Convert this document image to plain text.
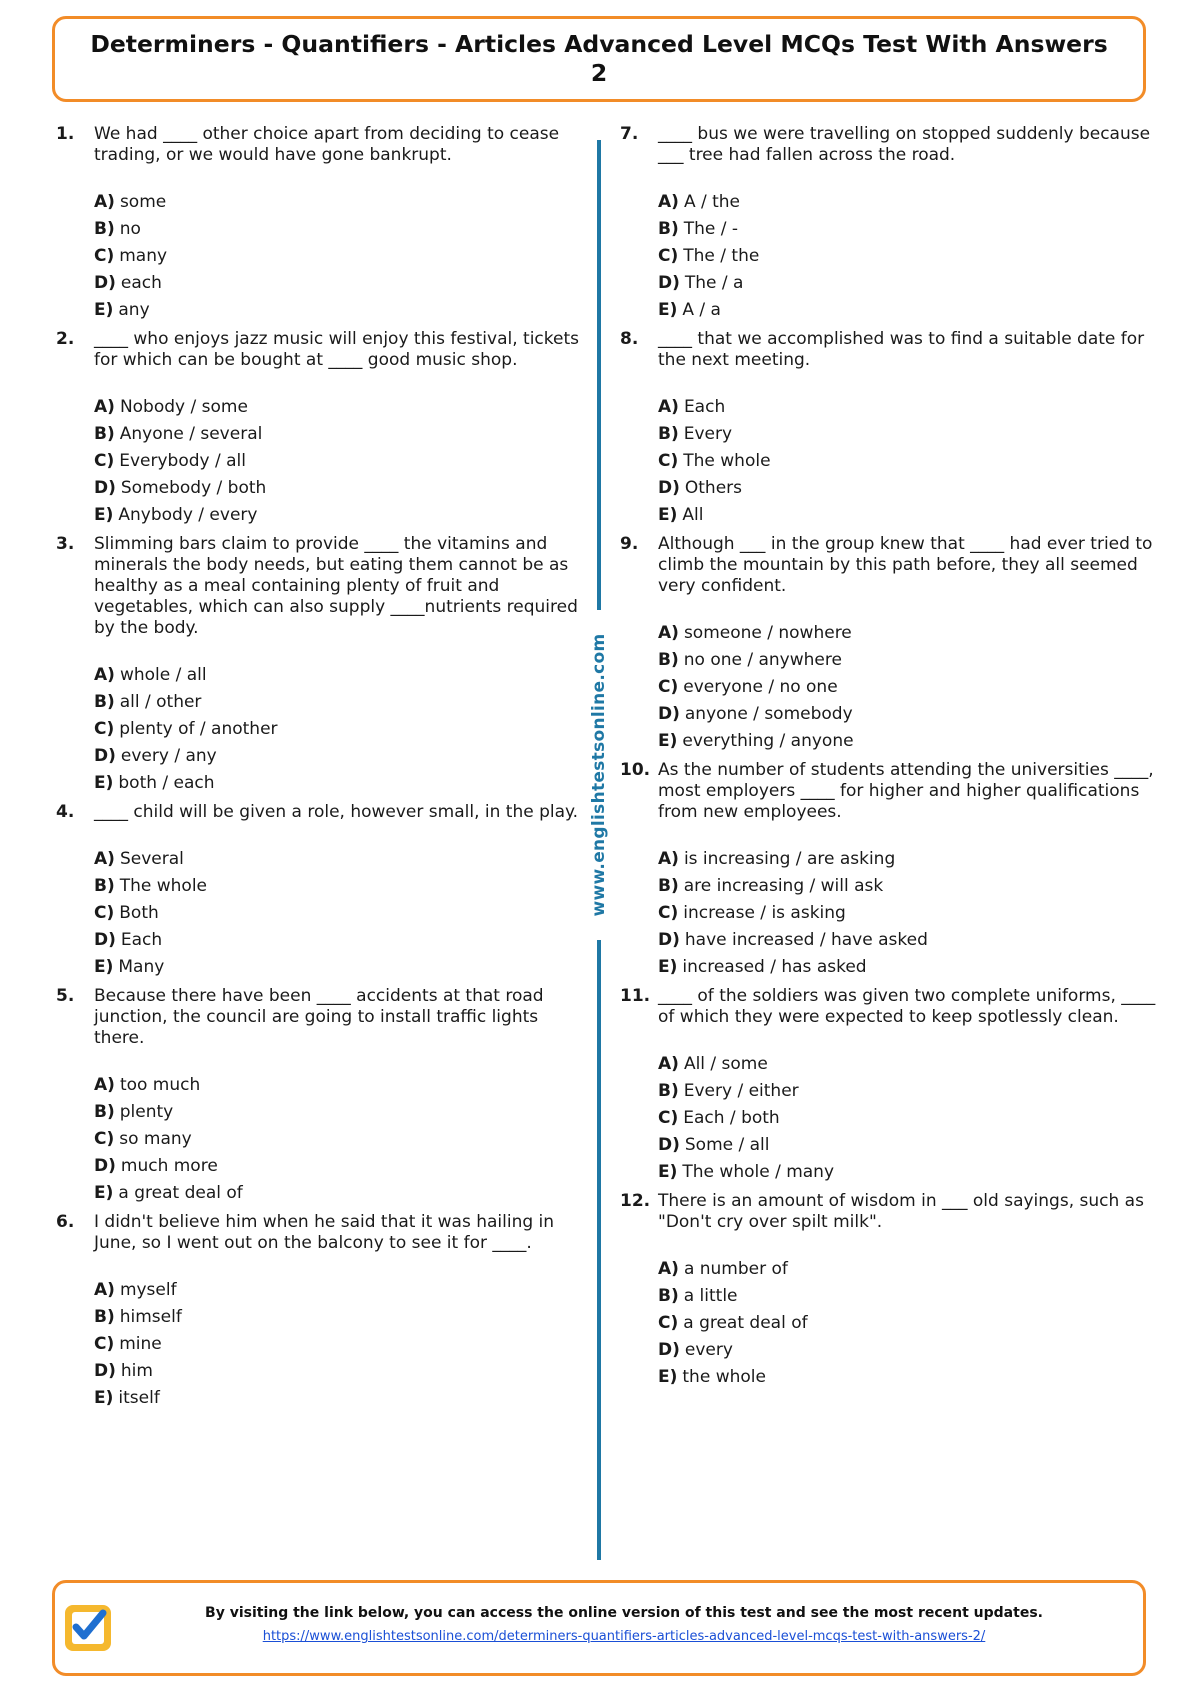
Determiners - Quantifiers - Articles Advanced Level MCQs Test With Answers 2
1. We had ____ other choice apart from deciding to cease trading, or we would have gone bankrupt.

A) some
B) no
C) many
D) each
E) any
2. ____ who enjoys jazz music will enjoy this festival, tickets for which can be bought at ____ good music shop.

A) Nobody / some
B) Anyone / several
C) Everybody / all
D) Somebody / both
E) Anybody / every
3. Slimming bars claim to provide ____ the vitamins and minerals the body needs, but eating them cannot be as healthy as a meal containing plenty of fruit and vegetables, which can also supply ____nutrients required by the body.

A) whole / all
B) all / other
C) plenty of / another
D) every / any
E) both / each
4. ____ child will be given a role, however small, in the play.

A) Several
B) The whole
C) Both
D) Each
E) Many
5. Because there have been ____ accidents at that road junction, the council are going to install traffic lights there.

A) too much
B) plenty
C) so many
D) much more
E) a great deal of
6. I didn't believe him when he said that it was hailing in June, so I went out on the balcony to see it for ____.

A) myself
B) himself
C) mine
D) him
E) itself
www.englishtestsonline.com
7. ____ bus we were travelling on stopped suddenly because ___ tree had fallen across the road.

A) A / the
B) The / -
C) The / the
D) The / a
E) A / a
8. ____ that we accomplished was to find a suitable date for the next meeting.

A) Each
B) Every
C) The whole
D) Others
E) All
9. Although ___ in the group knew that ____ had ever tried to climb the mountain by this path before, they all seemed very confident.

A) someone / nowhere
B) no one / anywhere
C) everyone / no one
D) anyone / somebody
E) everything / anyone
10. As the number of students attending the universities ____, most employers ____ for higher and higher qualifications from new employees.

A) is increasing / are asking
B) are increasing / will ask
C) increase / is asking
D) have increased / have asked
E) increased / has asked
11. ____ of the soldiers was given two complete uniforms, ____ of which they were expected to keep spotlessly clean.

A) All / some
B) Every / either
C) Each / both
D) Some / all
E) The whole / many
12. There is an amount of wisdom in ___ old sayings, such as "Don't cry over spilt milk".

A) a number of
B) a little
C) a great deal of
D) every
E) the whole

By visiting the link below, you can access the online version of this test and see the most recent updates.

https://www.englishtestsonline.com/determiners-quantifiers-articles-advanced-level-mcqs-test-with-answers-2/
